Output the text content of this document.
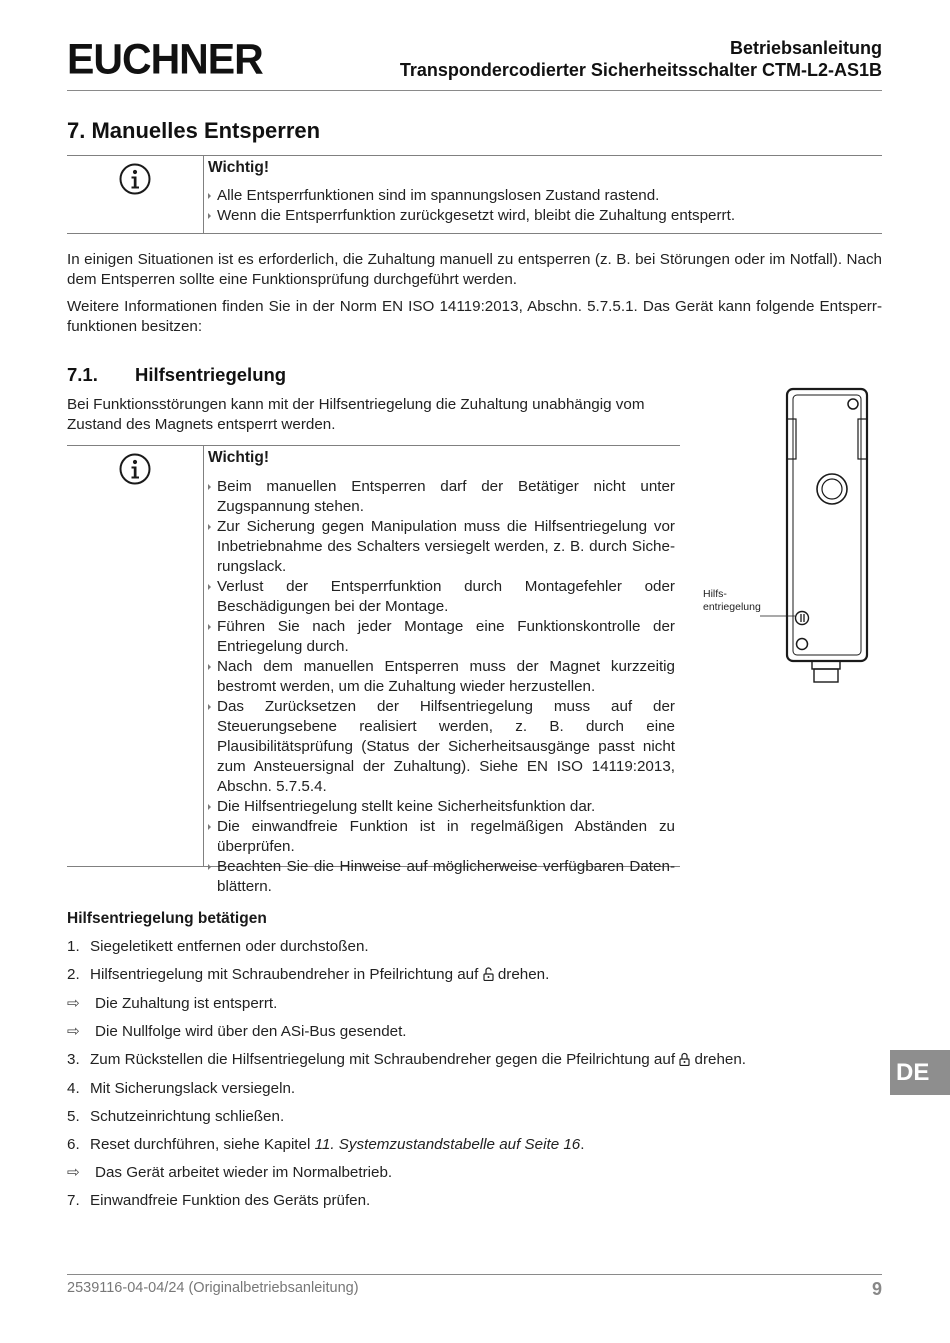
EUCHNER	Betriebsanleitung
Transpondercodierter Sicherheitsschalter CTM-L2-AS1B
7. Manuelles Entsperren
Wichtig!
Alle Entsperrfunktionen sind im spannungslosen Zustand rastend.
Wenn die Entsperrfunktion zurückgesetzt wird, bleibt die Zuhaltung entsperrt.

In einigen Situationen ist es erforderlich, die Zuhaltung manuell zu entsperren (z. B. bei Störungen oder im Notfall). Nach dem Entsperren sollte eine Funktionsprüfung durchgeführt werden.

Weitere Informationen finden Sie in der Norm EN ISO 14119:2013, Abschn. 5.7.5.1. Das Gerät kann folgende Entsperrfunktionen besitzen:

7.1. Hilfsentriegelung

Bei Funktionsstörungen kann mit der Hilfsentriegelung die Zuhaltung unabhängig vom Zustand des Magnets entsperrt werden.

Wichtig!
Beim manuellen Entsperren darf der Betätiger nicht unter Zugspannung stehen.
Zur Sicherung gegen Manipulation muss die Hilfsentriegelung vor Inbetriebnahme des Schalters versiegelt werden, z. B. durch Sicherungslack.
Verlust der Entsperrfunktion durch Montagefehler oder Beschädigungen bei der Montage.
Führen Sie nach jeder Montage eine Funktionskontrolle der Entriegelung durch.
Nach dem manuellen Entsperren muss der Magnet kurzzeitig bestromt werden, um die Zuhaltung wieder herzustellen.
Das Zurücksetzen der Hilfsentriegelung muss auf der Steuerungsebene realisiert werden, z. B. durch eine Plausibilitätsprüfung (Status der Sicherheitsausgänge passt nicht zum Ansteuersignal der Zuhaltung). Siehe EN ISO 14119:2013, Abschn. 5.7.5.4.
Die Hilfsentriegelung stellt keine Sicherheitsfunktion dar.
Die einwandfreie Funktion ist in regelmäßigen Abständen zu überprüfen.
Beachten Sie die Hinweise auf möglicherweise verfügbaren Datenblättern.
Hilfs-
entriegelung
Hilfsentriegelung betätigen
1. Siegeletikett entfernen oder durchstoßen.
2. Hilfsentriegelung mit Schraubendreher in Pfeilrichtung auf drehen.
⇨ Die Zuhaltung ist entsperrt.
⇨ Die Nullfolge wird über den ASi-Bus gesendet.
3. Zum Rückstellen die Hilfsentriegelung mit Schraubendreher gegen die Pfeilrichtung auf drehen.
4. Mit Sicherungslack versiegeln.
5. Schutzeinrichtung schließen.
6. Reset durchführen, siehe Kapitel 11. Systemzustandstabelle auf Seite 16.
⇨ Das Gerät arbeitet wieder im Normalbetrieb.
7. Einwandfreie Funktion des Geräts prüfen.
DE
2539116-04-04/24 (Originalbetriebsanleitung)	9
